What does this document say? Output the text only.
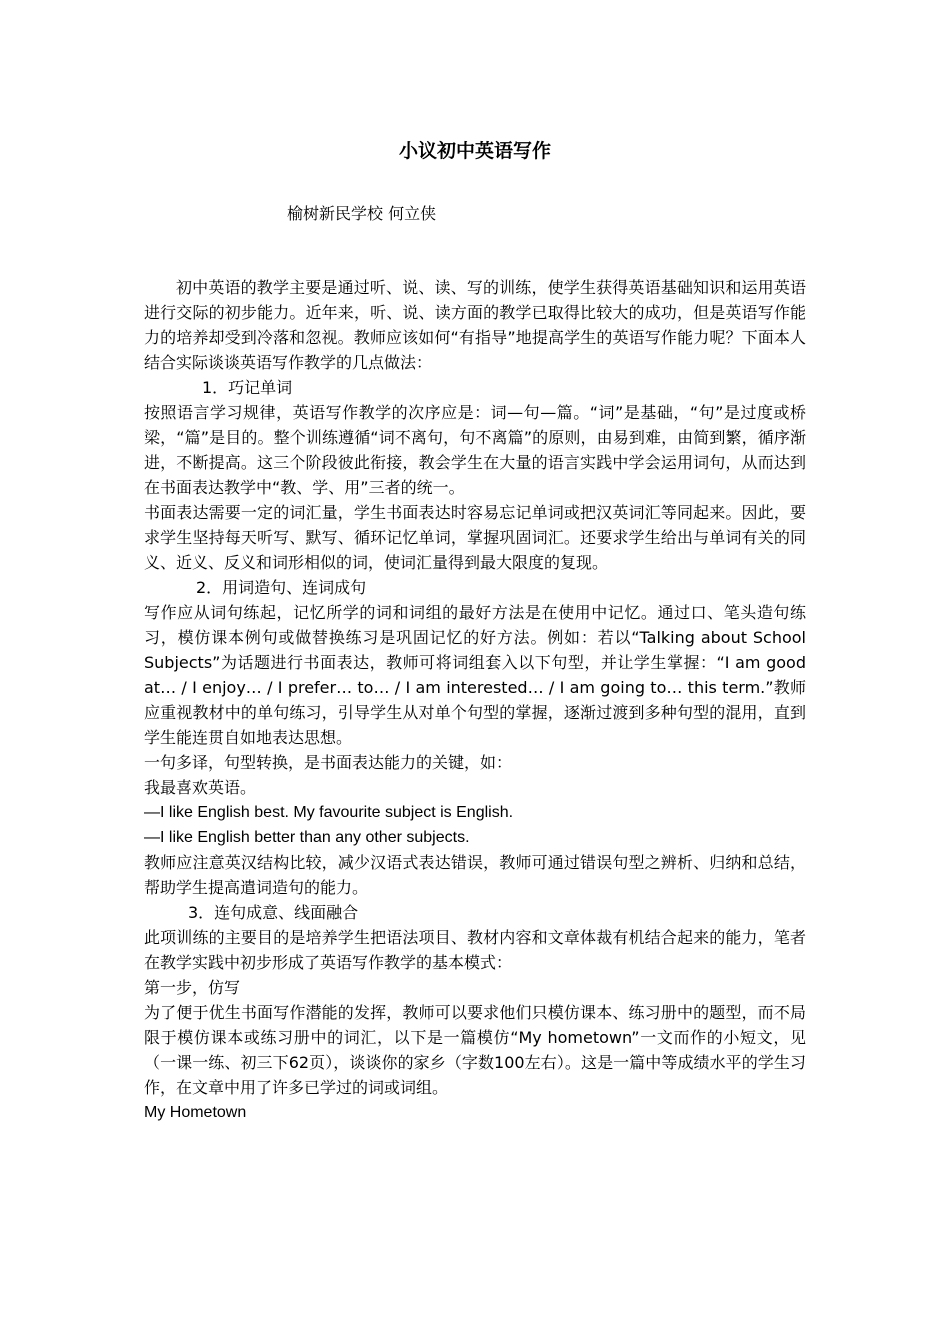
小议初中英语写作
榆树新民学校 何立侠

初中英语的教学主要是通过听、说、读、写的训练，使学生获得英语基础知识和运用英语进行交际的初步能力。近年来，听、说、读方面的教学已取得比较大的成功，但是英语写作能力的培养却受到冷落和忽视。教师应该如何“有指导”地提高学生的英语写作能力呢？下面本人结合实际谈谈英语写作教学的几点做法：

1．巧记单词

按照语言学习规律，英语写作教学的次序应是：词—句—篇。“词”是基础，“句”是过度或桥梁，“篇”是目的。整个训练遵循“词不离句，句不离篇”的原则，由易到难，由简到繁，循序渐进，不断提高。这三个阶段彼此衔接，教会学生在大量的语言实践中学会运用词句，从而达到在书面表达教学中“教、学、用”三者的统一。

书面表达需要一定的词汇量，学生书面表达时容易忘记单词或把汉英词汇等同起来。因此，要求学生坚持每天听写、默写、循环记忆单词，掌握巩固词汇。还要求学生给出与单词有关的同义、近义、反义和词形相似的词，使词汇量得到最大限度的复现。

2．用词造句、连词成句

写作应从词句练起，记忆所学的词和词组的最好方法是在使用中记忆。通过口、笔头造句练习，模仿课本例句或做替换练习是巩固记忆的好方法。例如：若以“Talking about School Subjects”为话题进行书面表达，教师可将词组套入以下句型，并让学生掌握：“I am good at… / I enjoy… / I prefer… to… / I am interested… / I am going to… this term.”教师应重视教材中的单句练习，引导学生从对单个句型的掌握，逐渐过渡到多种句型的混用，直到学生能连贯自如地表达思想。

一句多译，句型转换，是书面表达能力的关键，如：

我最喜欢英语。

—I like English best. My favourite subject is English.

—I like English better than any other subjects.

教师应注意英汉结构比较，减少汉语式表达错误，教师可通过错误句型之辨析、归纳和总结，帮助学生提高遣词造句的能力。

3．连句成意、线面融合

此项训练的主要目的是培养学生把语法项目、教材内容和文章体裁有机结合起来的能力，笔者在教学实践中初步形成了英语写作教学的基本模式：

第一步，仿写

为了便于优生书面写作潜能的发挥，教师可以要求他们只模仿课本、练习册中的题型，而不局限于模仿课本或练习册中的词汇，以下是一篇模仿“My hometown”一文而作的小短文，见（一课一练、初三下62页），谈谈你的家乡（字数100左右）。这是一篇中等成绩水平的学生习作，在文章中用了许多已学过的词或词组。

My Hometown
